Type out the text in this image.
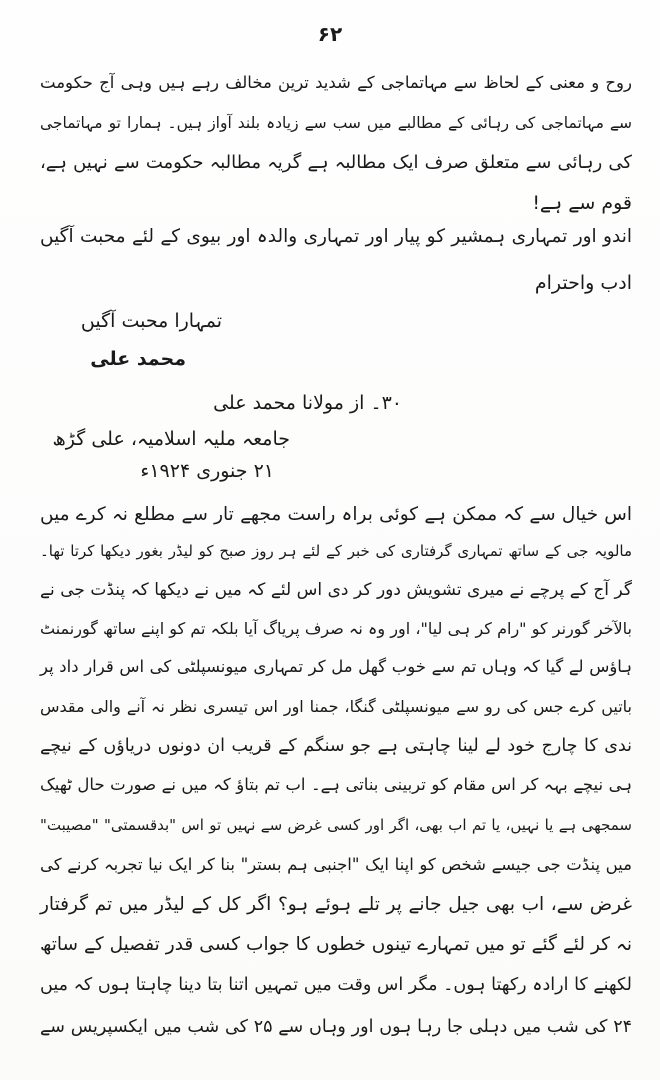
۶۲
روح و معنی کے لحاظ سے مہاتماجی کے شدید ترین مخالف رہے ہیں وہی آج حکومت
سے مہاتماجی کی رہائی کے مطالبے میں سب سے زیادہ بلند آواز ہیں۔ ہمارا تو مہاتماجی
کی رہائی سے متعلق صرف ایک مطالبہ ہے گریہ مطالبہ حکومت سے نہیں ہے،
قوم سے ہے!
اندو اور تمہاری ہمشیر کو پیار اور تمہاری والدہ اور بیوی کے لئے محبت آگیں
ادب واحترام
تمہارا محبت آگیں
محمد علی
۳۰۔ از مولانا محمد علی
جامعہ ملیہ اسلامیہ، علی گڑھ
۲۱ جنوری ۱۹۲۴ء
اس خیال سے کہ ممکن ہے کوئی براہ راست مجھے تار سے مطلع نہ کرے میں
مالویہ جی کے ساتھ تمہاری گرفتاری کی خبر کے لئے ہر روز صبح کو لیڈر بغور دیکھا کرتا تھا۔
گر آج کے پرچے نے میری تشویش دور کر دی اس لئے کہ میں نے دیکھا کہ پنڈت جی نے
بالآخر گورنر کو "رام کر ہی لیا"، اور وہ نہ صرف پریاگ آیا بلکہ تم کو اپنے ساتھ گورنمنٹ
ہاؤس لے گیا کہ وہاں تم سے خوب گھل مل کر تمہاری میونسپلٹی کی اس قرار داد پر
باتیں کرے جس کی رو سے میونسپلٹی گنگا، جمنا اور اس تیسری نظر نہ آنے والی مقدس
ندی کا چارج خود لے لینا چاہتی ہے جو سنگم کے قریب ان دونوں دریاؤں کے نیچے
ہی نیچے بہہ کر اس مقام کو تربینی بناتی ہے۔ اب تم بتاؤ کہ میں نے صورت حال ٹھیک
سمجھی ہے یا نہیں، یا تم اب بھی، اگر اور کسی غرض سے نہیں تو اس "بدقسمتی" "مصیبت"
میں پنڈت جی جیسے شخص کو اپنا ایک "اجنبی ہم بستر" بنا کر ایک نیا تجربہ کرنے کی
غرض سے، اب بھی جیل جانے پر تلے ہوئے ہو؟ اگر کل کے لیڈر میں تم گرفتار
نہ کر لئے گئے تو میں تمہارے تینوں خطوں کا جواب کسی قدر تفصیل کے ساتھ
لکھنے کا ارادہ رکھتا ہوں۔ مگر اس وقت میں تمہیں اتنا بتا دینا چاہتا ہوں کہ میں
۲۴ کی شب میں دہلی جا رہا ہوں اور وہاں سے ۲۵ کی شب میں ایکسپریس سے
